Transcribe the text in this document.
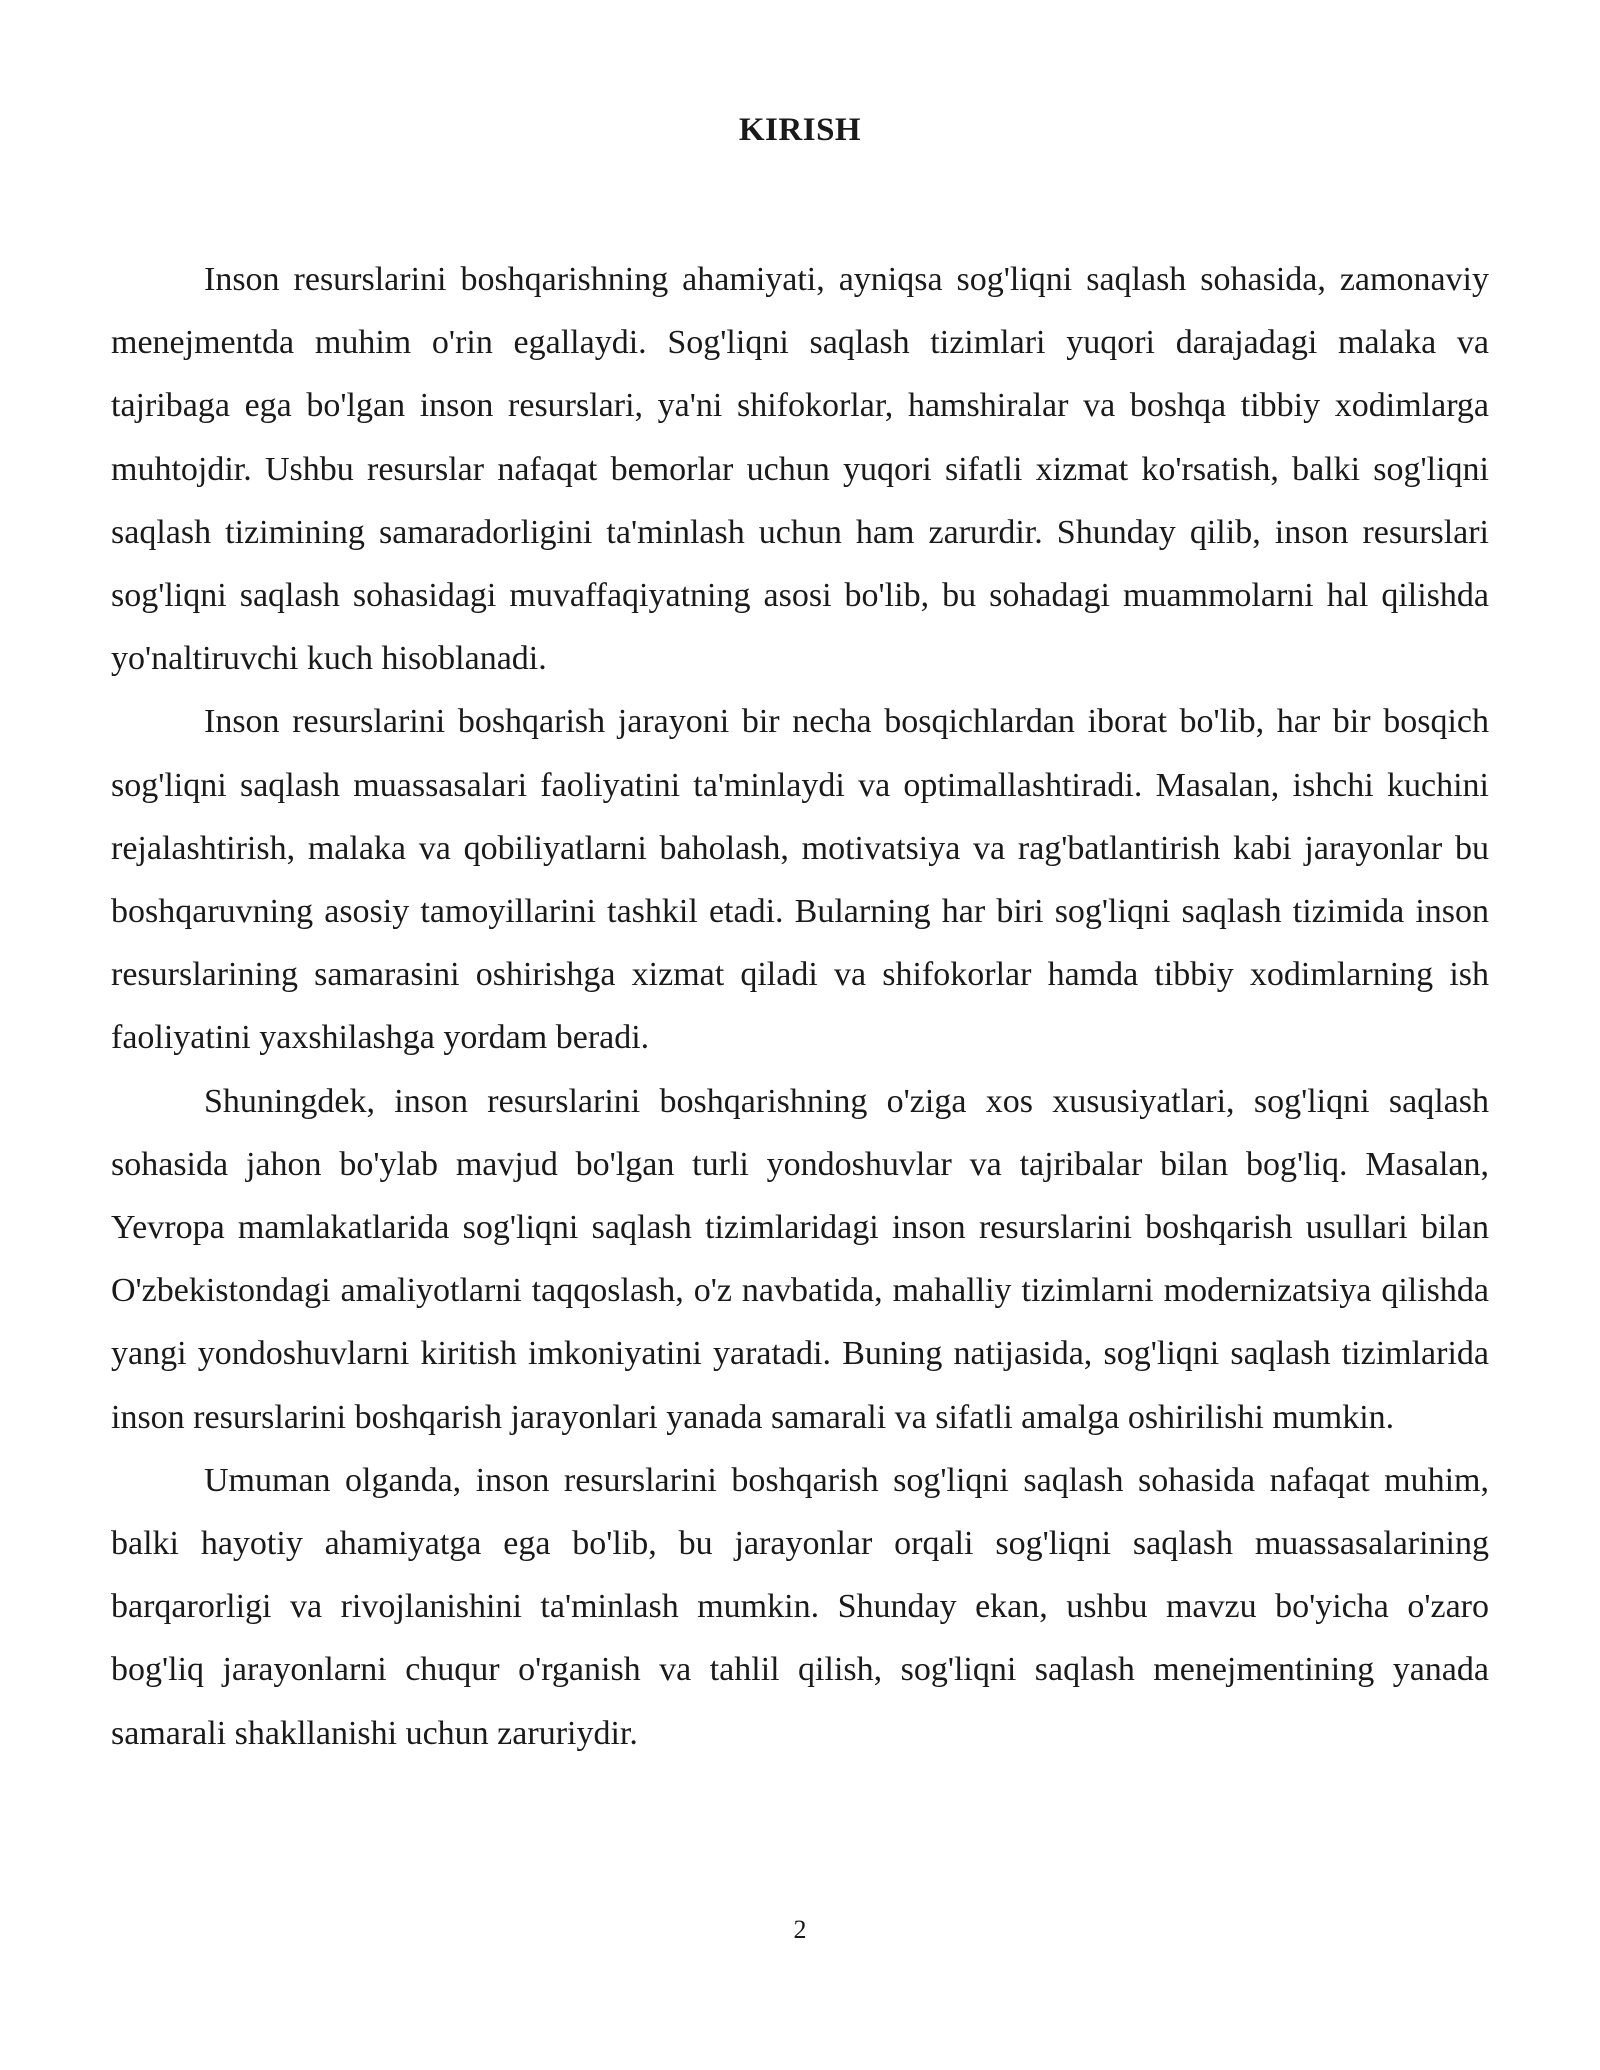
KIRISH

Inson resurslarini boshqarishning ahamiyati, ayniqsa sog'liqni saqlash sohasida, zamonaviy menejmentda muhim o'rin egallaydi. Sog'liqni saqlash tizimlari yuqori darajadagi malaka va tajribaga ega bo'lgan inson resurslari, ya'ni shifokorlar, hamshiralar va boshqa tibbiy xodimlarga muhtojdir. Ushbu resurslar nafaqat bemorlar uchun yuqori sifatli xizmat ko'rsatish, balki sog'liqni saqlash tizimining samaradorligini ta'minlash uchun ham zarurdir. Shunday qilib, inson resurslari sog'liqni saqlash sohasidagi muvaffaqiyatning asosi bo'lib, bu sohadagi muammolarni hal qilishda yo'naltiruvchi kuch hisoblanadi.

Inson resurslarini boshqarish jarayoni bir necha bosqichlardan iborat bo'lib, har bir bosqich sog'liqni saqlash muassasalari faoliyatini ta'minlaydi va optimallashtiradi. Masalan, ishchi kuchini rejalashtirish, malaka va qobiliyatlarni baholash, motivatsiya va rag'batlantirish kabi jarayonlar bu boshqaruvning asosiy tamoyillarini tashkil etadi. Bularning har biri sog'liqni saqlash tizimida inson resurslarining samarasini oshirishga xizmat qiladi va shifokorlar hamda tibbiy xodimlarning ish faoliyatini yaxshilashga yordam beradi.

Shuningdek, inson resurslarini boshqarishning o'ziga xos xususiyatlari, sog'liqni saqlash sohasida jahon bo'ylab mavjud bo'lgan turli yondoshuvlar va tajribalar bilan bog'liq. Masalan, Yevropa mamlakatlarida sog'liqni saqlash tizimlaridagi inson resurslarini boshqarish usullari bilan O'zbekistondagi amaliyotlarni taqqoslash, o'z navbatida, mahalliy tizimlarni modernizatsiya qilishda yangi yondoshuvlarni kiritish imkoniyatini yaratadi. Buning natijasida, sog'liqni saqlash tizimlarida inson resurslarini boshqarish jarayonlari yanada samarali va sifatli amalga oshirilishi mumkin.

Umuman olganda, inson resurslarini boshqarish sog'liqni saqlash sohasida nafaqat muhim, balki hayotiy ahamiyatga ega bo'lib, bu jarayonlar orqali sog'liqni saqlash muassasalarining barqarorligi va rivojlanishini ta'minlash mumkin. Shunday ekan, ushbu mavzu bo'yicha o'zaro bog'liq jarayonlarni chuqur o'rganish va tahlil qilish, sog'liqni saqlash menejmentining yanada samarali shakllanishi uchun zaruriydir.

2
